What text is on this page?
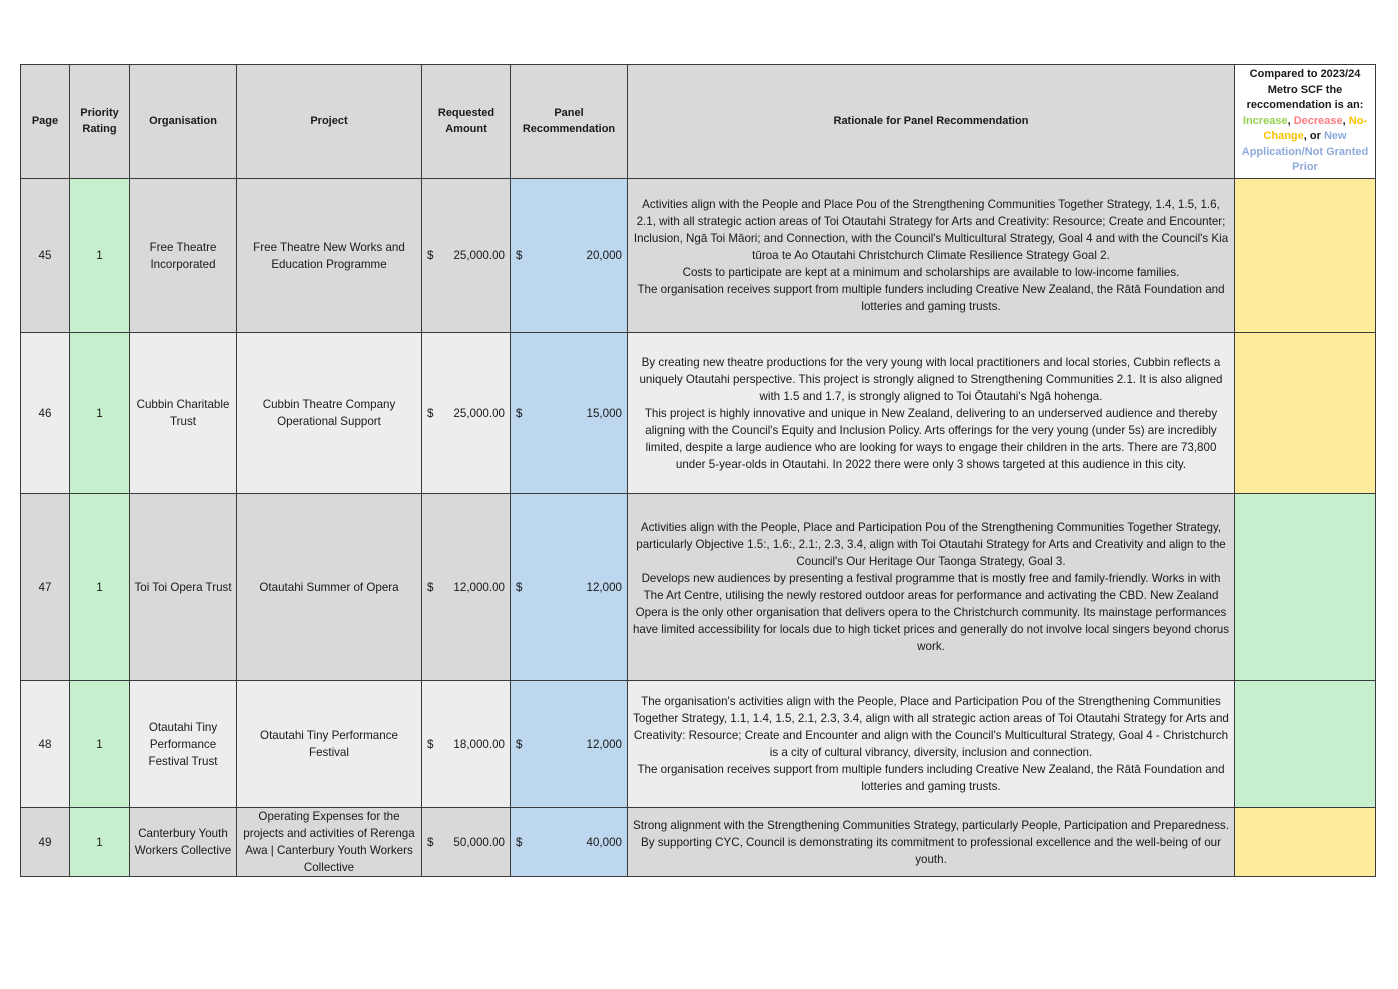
Page	Priority Rating	Organisation	Project	Requested Amount	Panel Recommendation	Rationale for Panel Recommendation	Compared to 2023/24 Metro SCF the reccomendation is an: Increase, Decrease, No-Change, or New Application/Not Granted Prior
45	1	Free Theatre Incorporated	Free Theatre New Works and Education Programme	$ 25,000.00	$ 20,000	Activities align with the People and Place Pou of the Strengthening Communities Together Strategy, 1.4, 1.5, 1.6, 2.1, with all strategic action areas of Toi Otautahi Strategy for Arts and Creativity: Resource; Create and Encounter; Inclusion, Ngā Toi Māori; and Connection, with the Council's Multicultural Strategy, Goal 4 and with the Council's Kia tūroa te Ao Otautahi Christchurch Climate Resilience Strategy Goal 2.
Costs to participate are kept at a minimum and scholarships are available to low-income families.
The organisation receives support from multiple funders including Creative New Zealand, the Rātā Foundation and lotteries and gaming trusts.	
46	1	Cubbin Charitable Trust	Cubbin Theatre Company Operational Support	$ 25,000.00	$ 15,000	By creating new theatre productions for the very young with local practitioners and local stories, Cubbin reflects a uniquely Otautahi perspective. This project is strongly aligned to Strengthening Communities 2.1. It is also aligned with 1.5 and 1.7, is strongly aligned to Toi Ōtautahi's Ngā hohenga.
This project is highly innovative and unique in New Zealand, delivering to an underserved audience and thereby aligning with the Council's Equity and Inclusion Policy. Arts offerings for the very young (under 5s) are incredibly limited, despite a large audience who are looking for ways to engage their children in the arts. There are 73,800 under 5-year-olds in Otautahi. In 2022 there were only 3 shows targeted at this audience in this city.	
47	1	Toi Toi Opera Trust	Otautahi Summer of Opera	$ 12,000.00	$ 12,000	Activities align with the People, Place and Participation Pou of the Strengthening Communities Together Strategy, particularly Objective 1.5:, 1.6:, 2.1:, 2.3, 3.4, align with Toi Otautahi Strategy for Arts and Creativity and align to the Council's Our Heritage Our Taonga Strategy, Goal 3.
Develops new audiences by presenting a festival programme that is mostly free and family-friendly. Works in with The Art Centre, utilising the newly restored outdoor areas for performance and activating the CBD. New Zealand Opera is the only other organisation that delivers opera to the Christchurch community. Its mainstage performances have limited accessibility for locals due to high ticket prices and generally do not involve local singers beyond chorus work.	
48	1	Otautahi Tiny Performance Festival Trust	Otautahi Tiny Performance Festival	$ 18,000.00	$ 12,000	The organisation's activities align with the People, Place and Participation Pou of the Strengthening Communities Together Strategy, 1.1, 1.4, 1.5, 2.1, 2.3, 3.4, align with all strategic action areas of Toi Otautahi Strategy for Arts and Creativity: Resource; Create and Encounter and align with the Council's Multicultural Strategy, Goal 4 - Christchurch is a city of cultural vibrancy, diversity, inclusion and connection.
The organisation receives support from multiple funders including Creative New Zealand, the Rātā Foundation and lotteries and gaming trusts.	
49	1	Canterbury Youth Workers Collective	Operating Expenses for the projects and activities of Rerenga Awa | Canterbury Youth Workers Collective	$ 50,000.00	$ 40,000	Strong alignment with the Strengthening Communities Strategy, particularly People, Participation and Preparedness. By supporting CYC, Council is demonstrating its commitment to professional excellence and the well-being of our youth.	
